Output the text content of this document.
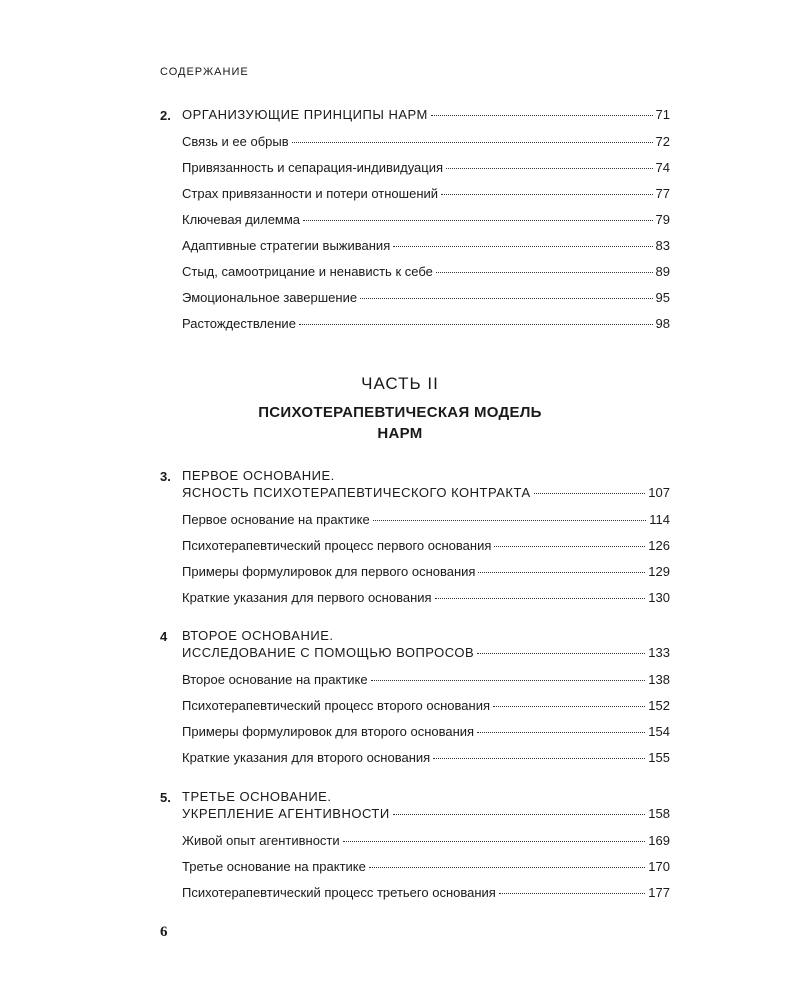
СОДЕРЖАНИЕ
2. ОРГАНИЗУЮЩИЕ ПРИНЦИПЫ НАРМ	71
Связь и ее обрыв	72
Привязанность и сепарация-индивидуация	74
Страх привязанности и потери отношений	77
Ключевая дилемма	79
Адаптивные стратегии выживания	83
Стыд, самоотрицание и ненависть к себе	89
Эмоциональное завершение	95
Растождествление	98
ЧАСТЬ II
ПСИХОТЕРАПЕВТИЧЕСКАЯ МОДЕЛЬ
НАРМ
3. ПЕРВОЕ ОСНОВАНИЕ.
ЯСНОСТЬ ПСИХОТЕРАПЕВТИЧЕСКОГО КОНТРАКТА	107
Первое основание на практике	114
Психотерапевтический процесс первого основания	126
Примеры формулировок для первого основания	129
Краткие указания для первого основания	130
4 ВТОРОЕ ОСНОВАНИЕ.
ИССЛЕДОВАНИЕ С ПОМОЩЬЮ ВОПРОСОВ	133
Второе основание на практике	138
Психотерапевтический процесс второго основания	152
Примеры формулировок для второго основания	154
Краткие указания для второго основания	155
5. ТРЕТЬЕ ОСНОВАНИЕ.
УКРЕПЛЕНИЕ АГЕНТИВНОСТИ	158
Живой опыт агентивности	169
Третье основание на практике	170
Психотерапевтический процесс третьего основания	177
6
